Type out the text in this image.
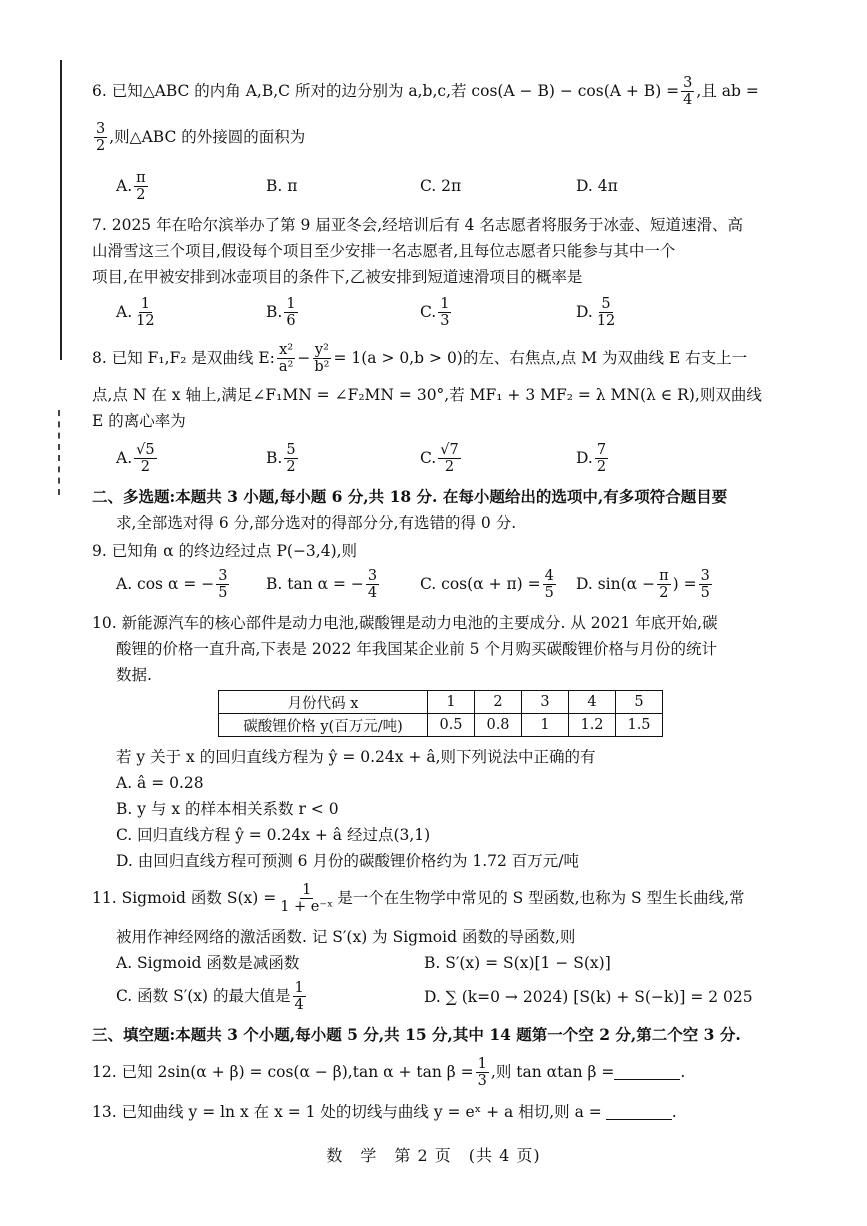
6. 已知△ABC 的内角 A,B,C 所对的边分别为 a,b,c,若 $\cos(A - B) - \cos(A + B) = \frac{3}{4}$ ,且 ab =
$\frac{3}{2}$ ,则△ABC 的外接圆的面积为
A. $\frac{\pi}{2}$	B. π	C. 2π	D. 4π
7. 2025 年在哈尔滨举办了第 9 届亚冬会,经培训后有 4 名志愿者将服务于冰壶、短道速滑、高
山滑雪这三个项目,假设每个项目至少安排一名志愿者,且每位志愿者只能参与其中一个
项目,在甲被安排到冰壶项目的条件下,乙被安排到短道速滑项目的概率是
A. $\frac{1}{12}$	B. $\frac{1}{6}$	C. $\frac{1}{3}$	D. $\frac{5}{12}$
8. 已知 F₁,F₂ 是双曲线 E: $\frac{\text{x²}}{\text{a²}} - \frac{\text{y²}}{\text{b²}} = 1(a > 0,b > 0)$的左、右焦点,点 M 为双曲线 E 右支上一
点,点 N 在 x 轴上,满足∠F₁MN = ∠F₂MN = 30°,若 MF₁ + 3 MF₂ = λ MN(λ ∈ R),则双曲线
E 的离心率为
A. $\frac{√5}{2}$	B. $\frac{5}{2}$	C. $\frac{√7}{2}$	D. $\frac{7}{2}$
二、多选题:本题共 3 小题,每小题 6 分,共 18 分. 在每小题给出的选项中,有多项符合题目要
求,全部选对得 6 分,部分选对的得部分分,有选错的得 0 分.
9. 已知角 α 的终边经过点 P(−3,4),则
A. cos α = − $\frac{3}{5} B$. tan α = − $\frac{3}{4}$	C. $\cos(\alpha + \pi) = \frac{4}{5} D$. $\sin(\alpha - \frac{\pi}{2}$ ) = $\frac{3}{5}$
10. 新能源汽车的核心部件是动力电池,碳酸锂是动力电池的主要成分. 从 2021 年底开始,碳
酸锂的价格一直升高,下表是 2022 年我国某企业前 5 个月购买碳酸锂价格与月份的统计
数据.
月份代码 x	1	2	3	4	5
碳酸锂价格 y(百万元/吨)	0.5	0.8	1	1.2	1.5
若 y 关于 x 的回归直线方程为 ŷ = 0.24x + â,则下列说法中正确的有
A. â = 0.28
B. y 与 x 的样本相关系数 r < 0
C. 回归直线方程 ŷ = 0.24x + â 经过点(3,1)
D. 由回归直线方程可预测 6 月份的碳酸锂价格约为 1.72 百万元/吨
11. Sigmoid 函数 $S(x) = \frac{1}{\text{1 + e⁻ˣ}}$ 是一个在生物学中常见的 S 型函数,也称为 S 型生长曲线,常
被用作神经网络的激活函数. 记 S′(x) 为 Sigmoid 函数的导函数,则
A. Sigmoid 函数是减函数	B. S′(x) = S(x)[1 − S(x)]
C. 函数 S′(x) 的最大值是 $\frac{1}{4}$	D. ∑ (k=0 → 2024) [S(k) + S(−k)] = 2 025
三、填空题:本题共 3 个小题,每小题 5 分,共 15 分,其中 14 题第一个空 2 分,第二个空 3 分.
12. 已知 2sin(α + β) = cos(α − β),tan $\alpha + \tan \beta = \frac{1}{3}$ ,则 tan αtan β =	.
13. 已知曲线 y = ln x 在 x = 1 处的切线与曲线 y = eˣ + a 相切,则 a =	.
数　学　第 2 页　(共 4 页)
